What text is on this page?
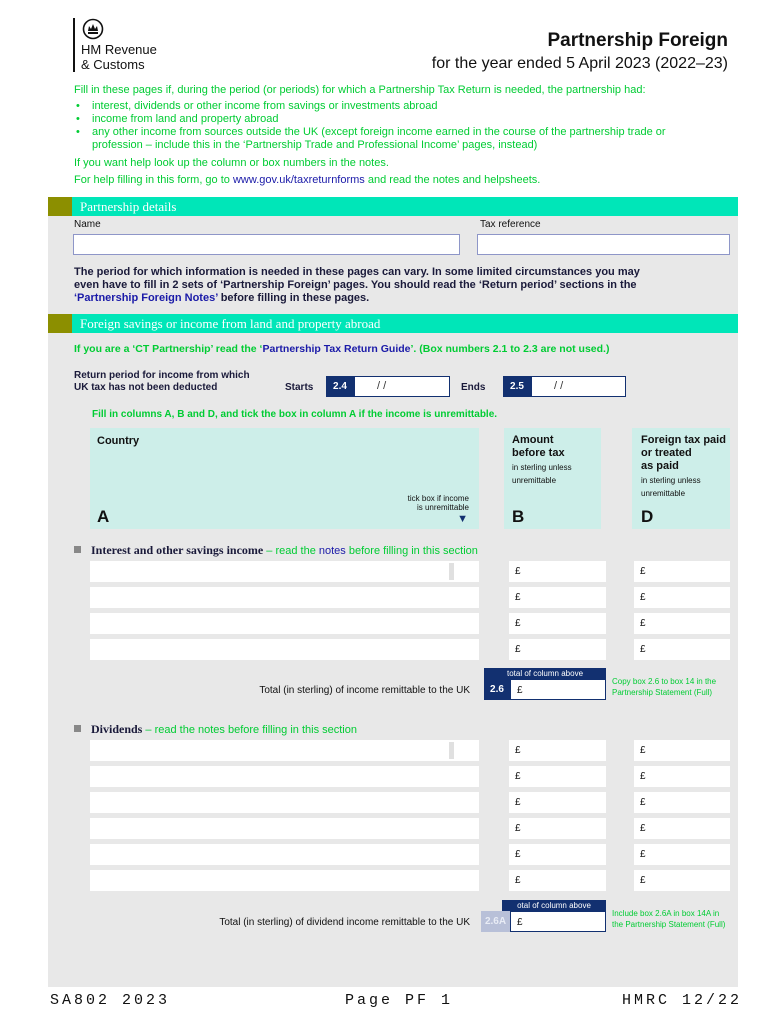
HM Revenue
& Customs
Partnership Foreign
for the year ended 5 April 2023 (2022–23)
Fill in these pages if, during the period (or periods) for which a Partnership Tax Return is needed, the partnership had:
• interest, dividends or other income from savings or investments abroad
• income from land and property abroad
• any other income from sources outside the UK (except foreign income earned in the course of the partnership trade or
profession – include this in the ‘Partnership Trade and Professional Income’ pages, instead)
If you want help look up the column or box numbers in the notes.
For help filling in this form, go to www.gov.uk/taxreturnforms and read the notes and helpsheets.
Partnership details
Name	Tax reference
The period for which information is needed in these pages can vary. In some limited circumstances you may
even have to fill in 2 sets of ‘Partnership Foreign’ pages. You should read the ‘Return period’ sections in the
‘Partnership Foreign Notes’ before filling in these pages.
Foreign savings or income from land and property abroad
If you are a ‘CT Partnership’ read the ‘Partnership Tax Return Guide’. (Box numbers 2.1 to 2.3 are not used.)
Return period for income from which
UK tax has not been deducted	Starts	2.4	/ /	Ends	2.5	/ /
Fill in columns A, B and D, and tick the box in column A if the income is unremittable.
Country
tick box if income
is unremittable
▼
A
Amount
before tax
in sterling unless
unremittable
B
Foreign tax paid
or treated
as paid
in sterling unless
unremittable
D
Interest and other savings income – read the notes before filling in this section
£	£
£	£
£	£
£	£
total of column above
2.6	£
Total (in sterling) of income remittable to the UK
Copy box 2.6 to box 14 in the
Partnership Statement (Full)
Dividends – read the notes before filling in this section
£	£
£	£
£	£
£	£
£	£
£	£
otal of column above
2.6A	£
Total (in sterling) of dividend income remittable to the UK
Include box 2.6A in box 14A in
the Partnership Statement (Full)
SA802 2023	Page PF 1	HMRC 12/22
